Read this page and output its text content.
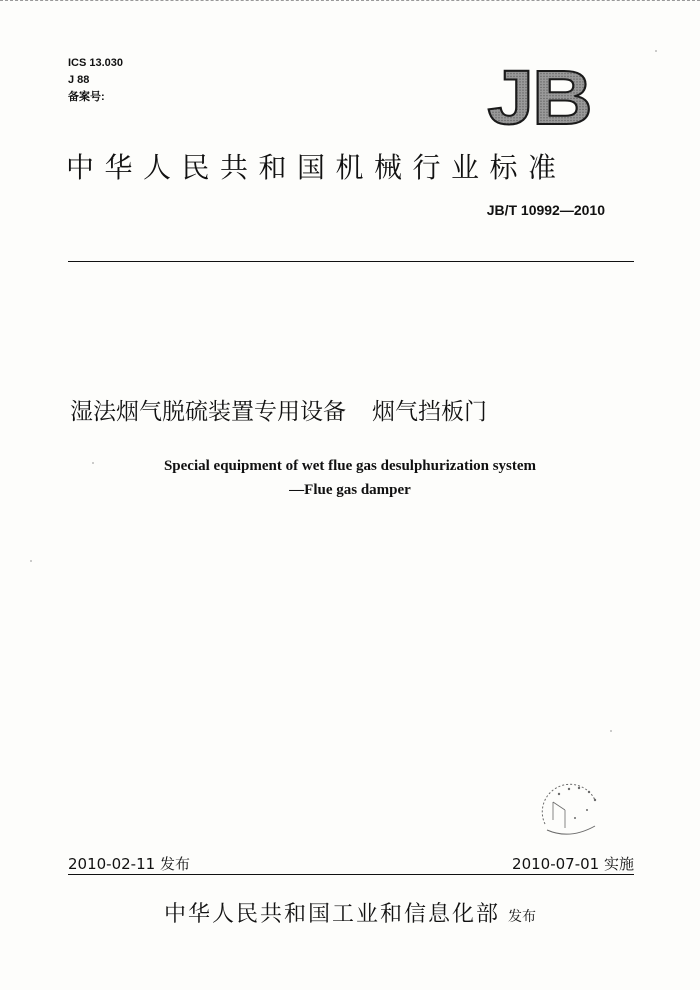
ICS 13.030
J 88
备案号:	JB
中华人民共和国机械行业标准
JB/T 10992—2010
湿法烟气脱硫装置专用设备 烟气挡板门
Special equipment of wet flue gas desulphurization system
—Flue gas damper
2010-02-11 发布	2010-07-01 实施
中华人民共和国工业和信息化部 发布
